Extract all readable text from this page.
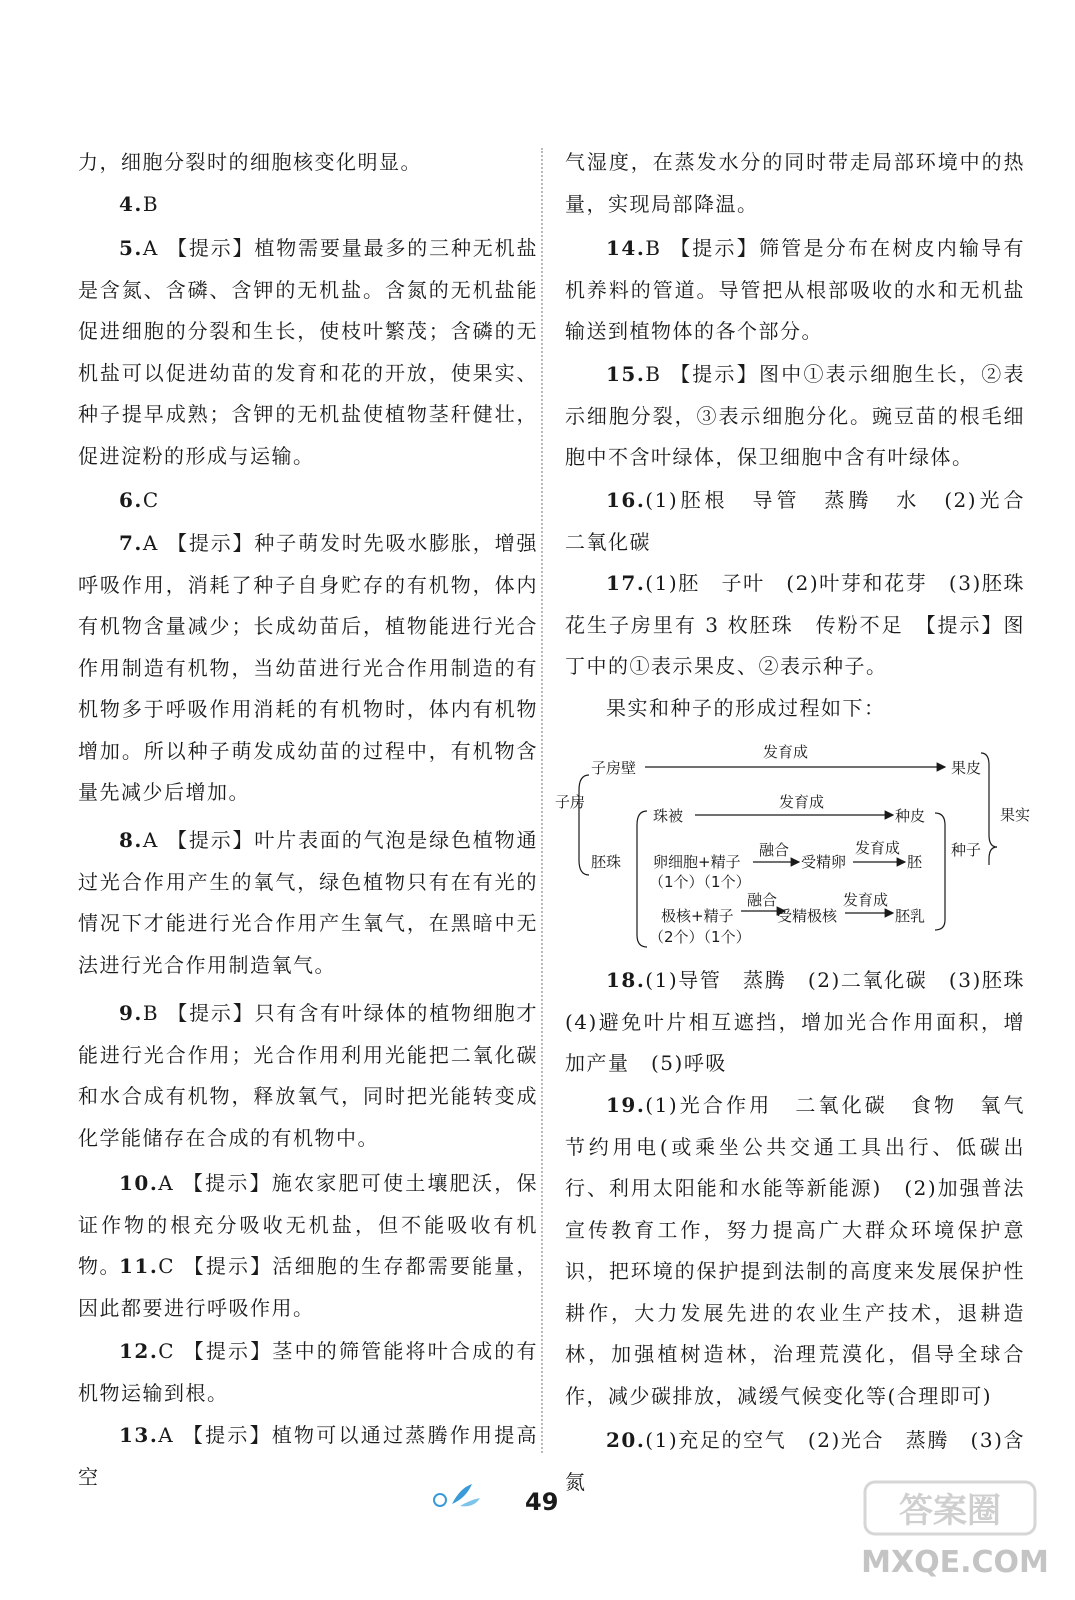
力，细胞分裂时的细胞核变化明显。
4.B
5.A 【提示】植物需要量最多的三种无机盐是含氮、含磷、含钾的无机盐。含氮的无机盐能促进细胞的分裂和生长，使枝叶繁茂；含磷的无机盐可以促进幼苗的发育和花的开放，使果实、种子提早成熟；含钾的无机盐使植物茎秆健壮，促进淀粉的形成与运输。
6.C
7.A 【提示】种子萌发时先吸水膨胀，增强呼吸作用，消耗了种子自身贮存的有机物，体内有机物含量减少；长成幼苗后，植物能进行光合作用制造有机物，当幼苗进行光合作用制造的有机物多于呼吸作用消耗的有机物时，体内有机物增加。所以种子萌发成幼苗的过程中，有机物含量先减少后增加。
8.A 【提示】叶片表面的气泡是绿色植物通过光合作用产生的氧气，绿色植物只有在有光的情况下才能进行光合作用产生氧气，在黑暗中无法进行光合作用制造氧气。
9.B 【提示】只有含有叶绿体的植物细胞才能进行光合作用；光合作用利用光能把二氧化碳和水合成有机物，释放氧气，同时把光能转变成化学能储存在合成的有机物中。
10.A 【提示】施农家肥可使土壤肥沃，保证作物的根充分吸收无机盐，但不能吸收有机物。
11.C 【提示】活细胞的生存都需要能量，因此都要进行呼吸作用。
12.C 【提示】茎中的筛管能将叶合成的有机物运输到根。
13.A 【提示】植物可以通过蒸腾作用提高空
气湿度，在蒸发水分的同时带走局部环境中的热量，实现局部降温。
14.B 【提示】筛管是分布在树皮内输导有机养料的管道。导管把从根部吸收的水和无机盐输送到植物体的各个部分。
15.B 【提示】图中①表示细胞生长，②表示细胞分裂，③表示细胞分化。豌豆苗的根毛细胞中不含叶绿体，保卫细胞中含有叶绿体。
16.(1)胚根　导管　蒸腾　水　(2)光合　二氧化碳
17.(1)胚　子叶　(2)叶芽和花芽　(3)胚珠　花生子房里有 3 枚胚珠　传粉不足　【提示】图丁中的①表示果皮、②表示种子。
果实和种子的形成过程如下：
18.(1)导管　蒸腾　(2)二氧化碳　(3)胚珠　(4)避免叶片相互遮挡，增加光合作用面积，增加产量　(5)呼吸
19.(1)光合作用　二氧化碳　食物　氧气　节约用电(或乘坐公共交通工具出行、低碳出行、利用太阳能和水能等新能源)　(2)加强普法宣传教育工作，努力提高广大群众环境保护意识，把环境的保护提到法制的高度来发展保护性耕作，大力发展先进的农业生产技术，退耕造林，加强植树造林，治理荒漠化，倡导全球合作，减少碳排放，减缓气候变化等(合理即可)
20.(1)充足的空气　(2)光合　蒸腾　(3)含氮
子房
子房壁
发育成
果皮
果实
胚珠
珠被
发育成
种皮
种子
卵细胞+精子
（1个）（1个）
融合
受精卵
发育成
胚
极核+精子
（2个）（1个）
融合
受精极核
发育成
胚乳
49	答案圈
MXQE.COM
